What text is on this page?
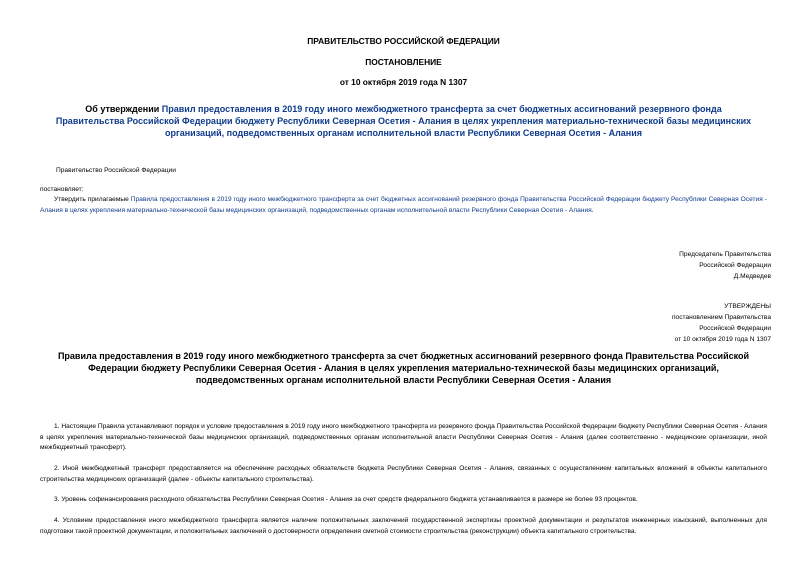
ПРАВИТЕЛЬСТВО РОССИЙСКОЙ ФЕДЕРАЦИИ
ПОСТАНОВЛЕНИЕ
от 10 октября 2019 года N 1307
Об утверждении Правил предоставления в 2019 году иного межбюджетного трансферта за счет бюджетных ассигнований резервного фонда Правительства Российской Федерации бюджету Республики Северная Осетия - Алания в целях укрепления материально-технической базы медицинских организаций, подведомственных органам исполнительной власти Республики Северная Осетия - Алания
Правительство Российской Федерации
постановляет:
Утвердить прилагаемые Правила предоставления в 2019 году иного межбюджетного трансферта за счет бюджетных ассигнований резервного фонда Правительства Российской Федерации бюджету Республики Северная Осетия - Алания в целях укрепления материально-технической базы медицинских организаций, подведомственных органам исполнительной власти Республики Северная Осетия - Алания.
Председатель Правительства
Российской Федерации
Д.Медведев
УТВЕРЖДЕНЫ
постановлением Правительства
Российской Федерации
от 10 октября 2019 года N 1307
Правила предоставления в 2019 году иного межбюджетного трансферта за счет бюджетных ассигнований резервного фонда Правительства Российской Федерации бюджету Республики Северная Осетия - Алания в целях укрепления материально-технической базы медицинских организаций, подведомственных органам исполнительной власти Республики Северная Осетия - Алания
1. Настоящие Правила устанавливают порядок и условие предоставления в 2019 году иного межбюджетного трансферта из резервного фонда Правительства Российской Федерации бюджету Республики Северная Осетия - Алания в целях укрепления материально-технической базы медицинских организаций, подведомственных органам исполнительной власти Республики Северная Осетия - Алания (далее соответственно - медицинские организации, иной межбюджетный трансферт).
2. Иной межбюджетный трансферт предоставляется на обеспечение расходных обязательств бюджета Республики Северная Осетия - Алания, связанных с осуществлением капитальных вложений в объекты капитального строительства медицинских организаций (далее - объекты капитального строительства).
3. Уровень софинансирования расходного обязательства Республики Северная Осетия - Алания за счет средств федерального бюджета устанавливается в размере не более 93 процентов.
4. Условием предоставления иного межбюджетного трансферта является наличие положительных заключений государственной экспертизы проектной документации и результатов инженерных изысканий, выполненных для подготовки такой проектной документации, и положительных заключений о достоверности определения сметной стоимости строительства (реконструкции) объекта капитального строительства.
